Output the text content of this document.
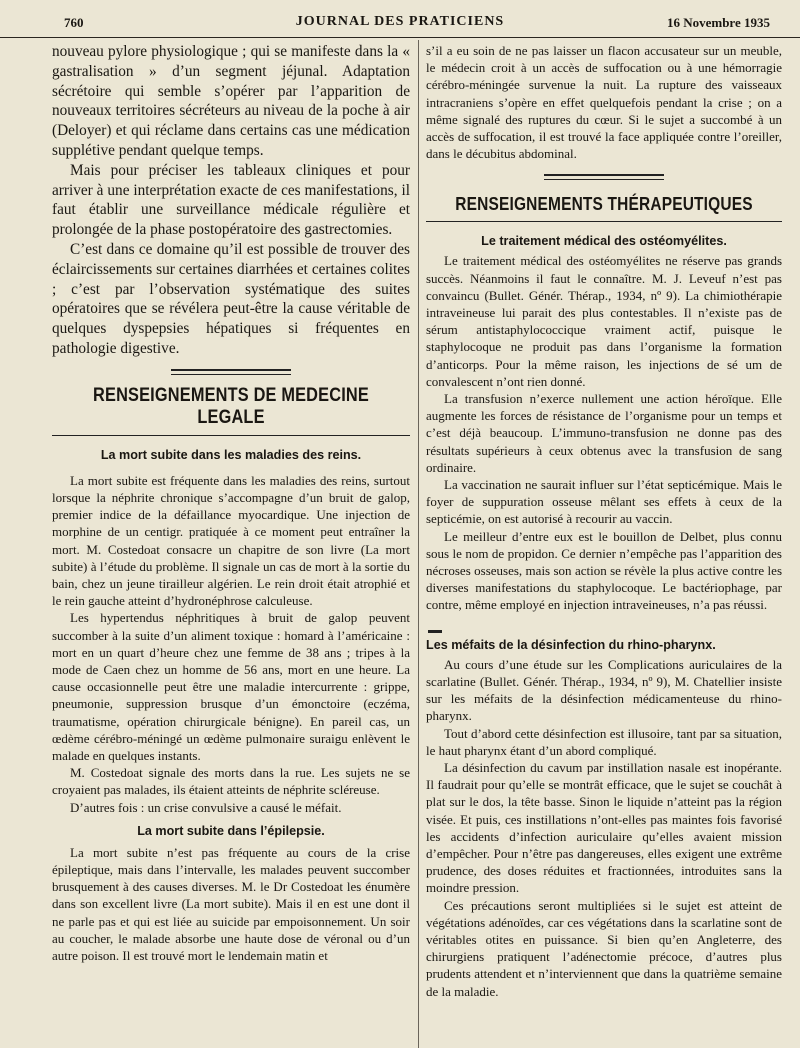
760	JOURNAL DES PRATICIENS	16 Novembre 1935

nouveau pylore physiologique ; qui se manifeste dans la « gastralisation » d’un segment jéjunal. Adaptation sécrétoire qui semble s’opérer par l’apparition de nouveaux territoires sécréteurs au niveau de la poche à air (Deloyer) et qui réclame dans certains cas une médication supplétive pendant quelque temps.

Mais pour préciser les tableaux cliniques et pour arriver à une interprétation exacte de ces manifestations, il faut établir une surveillance médicale régulière et prolongée de la phase postopératoire des gastrectomies.

C’est dans ce domaine qu’il est possible de trouver des éclaircissements sur certaines diarrhées et certaines colites ; c’est par l’observation systématique des suites opératoires que se révélera peut-être la cause véritable de quelques dyspepsies hépatiques si fréquentes en pathologie digestive.

RENSEIGNEMENTS DE MEDECINE LEGALE
La mort subite dans les maladies des reins.

La mort subite est fréquente dans les maladies des reins, surtout lorsque la néphrite chronique s’accompagne d’un bruit de galop, premier indice de la défaillance myocardique. Une injection de morphine de un centigr. pratiquée à ce moment peut entraîner la mort. M. Costedoat consacre un chapitre de son livre (La mort subite) à l’étude du problème. Il signale un cas de mort à la sortie du bain, chez un jeune tirailleur algérien. Le rein droit était atrophié et le rein gauche atteint d’hydronéphrose calculeuse.

Les hypertendus néphritiques à bruit de galop peuvent succomber à la suite d’un aliment toxique : homard à l’américaine : mort en un quart d’heure chez une femme de 38 ans ; tripes à la mode de Caen chez un homme de 56 ans, mort en une heure. La cause occasionnelle peut être une maladie intercurrente : grippe, pneumonie, suppression brusque d’un émonctoire (eczéma, traumatisme, opération chirurgicale bénigne). En pareil cas, un œdème cérébro-méningé un œdème pulmonaire suraigu enlèvent le malade en quelques instants.

M. Costedoat signale des morts dans la rue. Les sujets ne se croyaient pas malades, ils étaient atteints de néphrite scléreuse.

D’autres fois : un crise convulsive a causé le méfait.

La mort subite dans l’épilepsie.

La mort subite n’est pas fréquente au cours de la crise épileptique, mais dans l’intervalle, les malades peuvent succomber brusquement à des causes diverses. M. le Dr Costedoat les énumère dans son excellent livre (La mort subite). Mais il en est une dont il ne parle pas et qui est liée au suicide par empoisonnement. Un soir au coucher, le malade absorbe une haute dose de véronal ou d’un autre poison. Il est trouvé mort le lendemain matin et

s’il a eu soin de ne pas laisser un flacon accusateur sur un meuble, le médecin croit à un accès de suffocation ou à une hémorragie cérébro-méningée survenue la nuit. La rupture des vaisseaux intracraniens s’opère en effet quelquefois pendant la crise ; on a même signalé des ruptures du cœur. Si le sujet a succombé à un accès de suffocation, il est trouvé la face appliquée contre l’oreiller, dans le décubitus abdominal.

RENSEIGNEMENTS THÉRAPEUTIQUES
Le traitement médical des ostéomyélites.

Le traitement médical des ostéomyélites ne réserve pas grands succès. Néanmoins il faut le connaître. M. J. Leveuf n’est pas convaincu (Bullet. Génér. Thérap., 1934, nº 9). La chimiothérapie intraveineuse lui parait des plus contestables. Il n’existe pas de sérum antistaphylococcique vraiment actif, puisque le staphylocoque ne produit pas dans l’organisme la formation d’anticorps. Pour la même raison, les injections de sé um de convalescent n’ont rien donné.

La transfusion n’exerce nullement une action héroïque. Elle augmente les forces de résistance de l’organisme pour un temps et c’est déjà beaucoup. L’immuno-transfusion ne donne pas des résultats supérieurs à ceux obtenus avec la transfusion de sang ordinaire.

La vaccination ne saurait influer sur l’état septicémique. Mais le foyer de suppuration osseuse mêlant ses effets à ceux de la septicémie, on est autorisé à recourir au vaccin.

Le meilleur d’entre eux est le bouillon de Delbet, plus connu sous le nom de propidon. Ce dernier n’empêche pas l’apparition des nécroses osseuses, mais son action se révèle la plus active contre les diverses manifestations du staphylocoque. Le bactériophage, par contre, même employé en injection intraveineuses, n’a pas réussi.

Les méfaits de la désinfection du rhino-pharynx.

Au cours d’une étude sur les Complications auriculaires de la scarlatine (Bullet. Génér. Thérap., 1934, nº 9), M. Chatellier insiste sur les méfaits de la désinfection médicamenteuse du rhino-pharynx.

Tout d’abord cette désinfection est illusoire, tant par sa situation, le haut pharynx étant d’un abord compliqué.

La désinfection du cavum par instillation nasale est inopérante. Il faudrait pour qu’elle se montrât efficace, que le sujet se couchât à plat sur le dos, la tête basse. Sinon le liquide n’atteint pas la région visée. Et puis, ces instillations n’ont-elles pas maintes fois favorisé les accidents d’infection auriculaire qu’elles avaient mission d’empêcher. Pour n’être pas dangereuses, elles exigent une extrême prudence, des doses réduites et fractionnées, introduites sans la moindre pression.

Ces précautions seront multipliées si le sujet est atteint de végétations adénoïdes, car ces végétations dans la scarlatine sont de véritables otites en puissance. Si bien qu’en Angleterre, des chirurgiens pratiquent l’adénectomie précoce, d’autres plus prudents attendent et n’interviennent que dans la quatrième semaine de la maladie.
